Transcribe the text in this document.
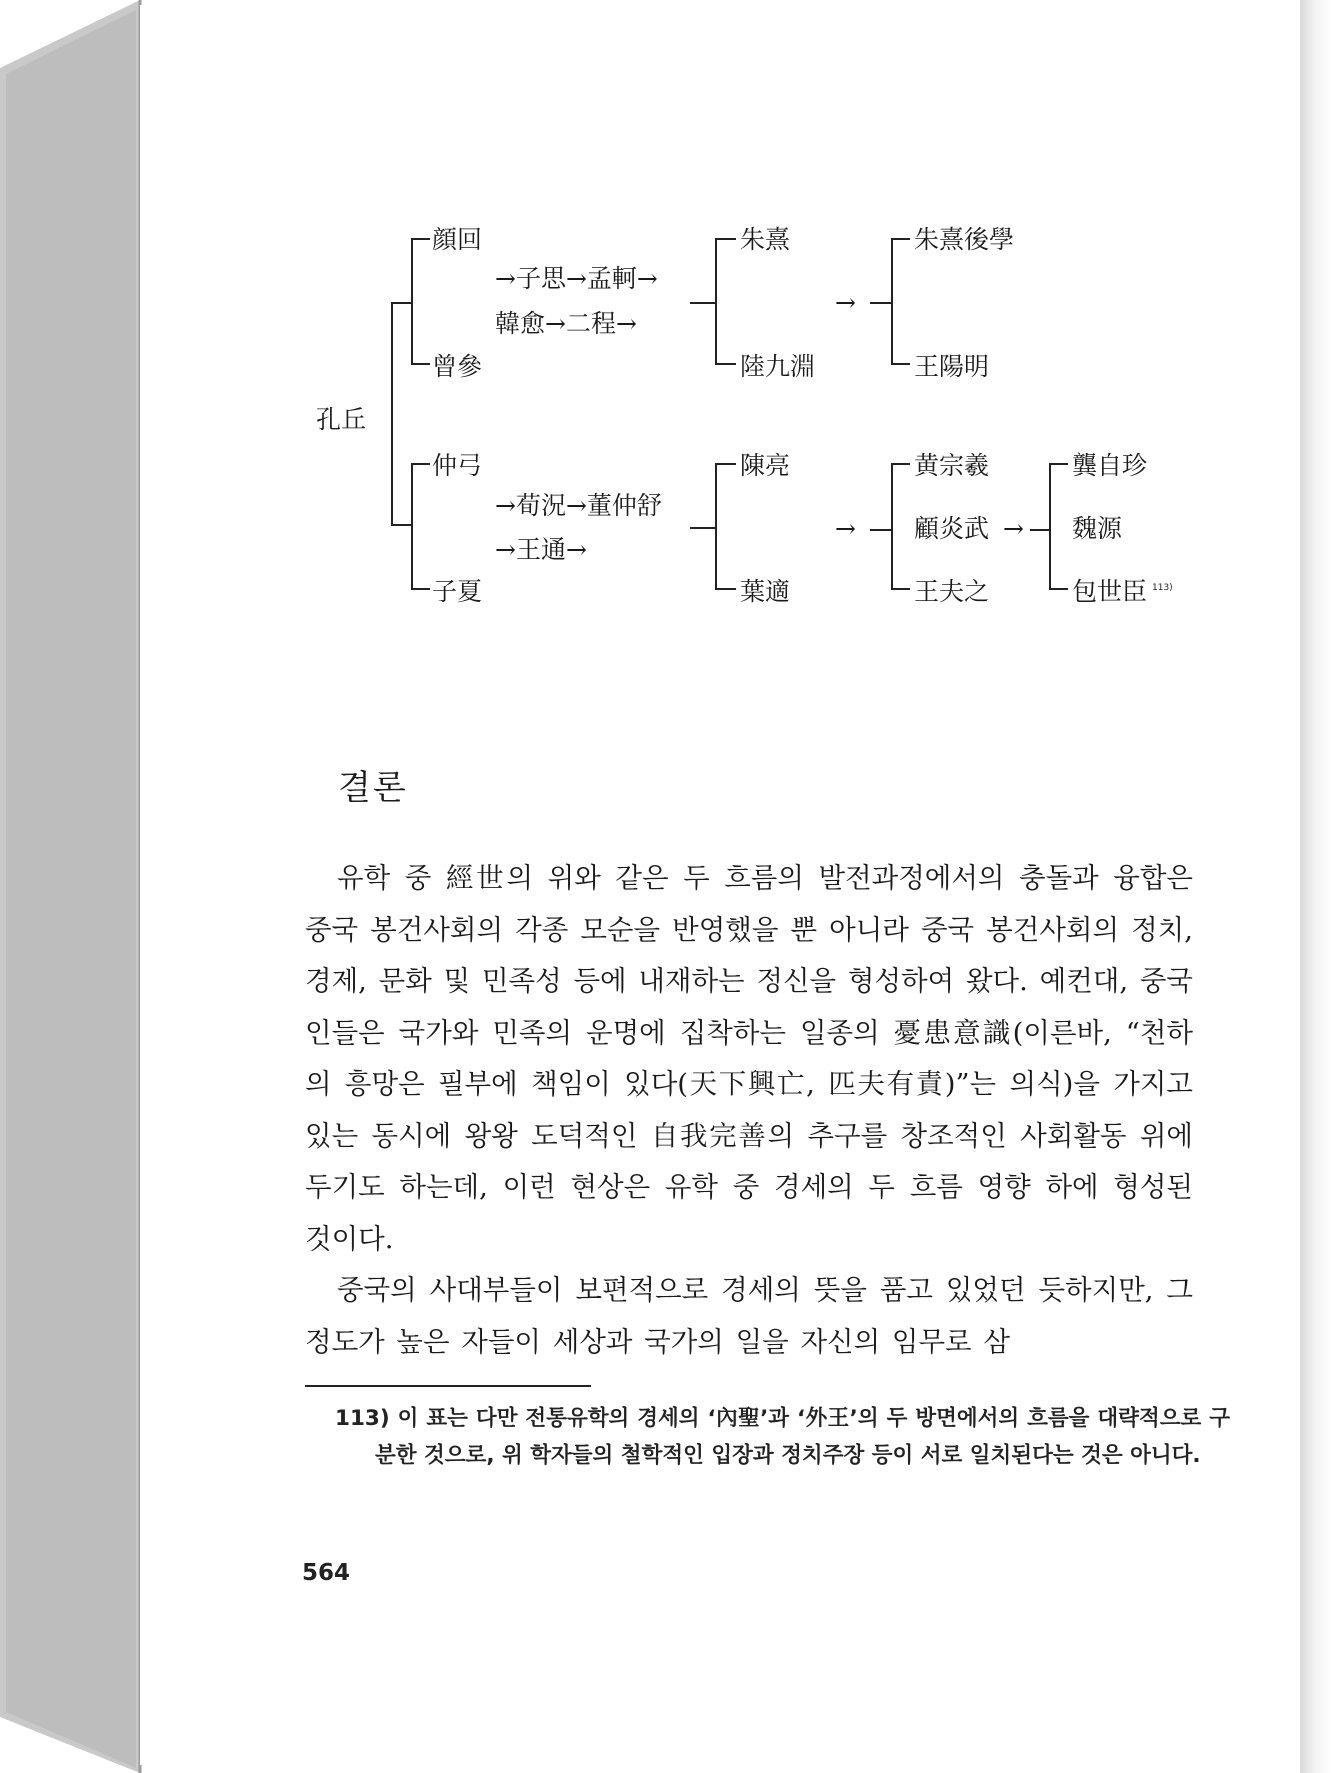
孔丘
顔回
曾參
→子思→孟軻→
韓愈→二程→
朱熹
陸九淵
→
朱熹後學
王陽明
仲弓
子夏
→荀況→董仲舒
→王通→
陳亮
葉適
→
黄宗羲
顧炎武
王夫之
→
龔自珍
魏源
包世臣 113)
결론

유학 중 經世의 위와 같은 두 흐름의 발전과정에서의 충돌과 융합은 중국 봉건사회의 각종 모순을 반영했을 뿐 아니라 중국 봉건사회의 정치, 경제, 문화 및 민족성 등에 내재하는 정신을 형성하여 왔다. 예컨대, 중국인들은 국가와 민족의 운명에 집착하는 일종의 憂患意識(이른바, “천하의 흥망은 필부에 책임이 있다(天下興亡, 匹夫有責)”는 의식)을 가지고 있는 동시에 왕왕 도덕적인 自我完善의 추구를 창조적인 사회활동 위에 두기도 하는데, 이런 현상은 유학 중 경세의 두 흐름 영향 하에 형성된 것이다.

중국의 사대부들이 보편적으로 경세의 뜻을 품고 있었던 듯하지만, 그 정도가 높은 자들이 세상과 국가의 일을 자신의 임무로 삼

113) 이 표는 다만 전통유학의 경세의 ‘內聖’과 ‘外王’의 두 방면에서의 흐름을 대략적으로 구분한 것으로, 위 학자들의 철학적인 입장과 정치주장 등이 서로 일치된다는 것은 아니다.
564
